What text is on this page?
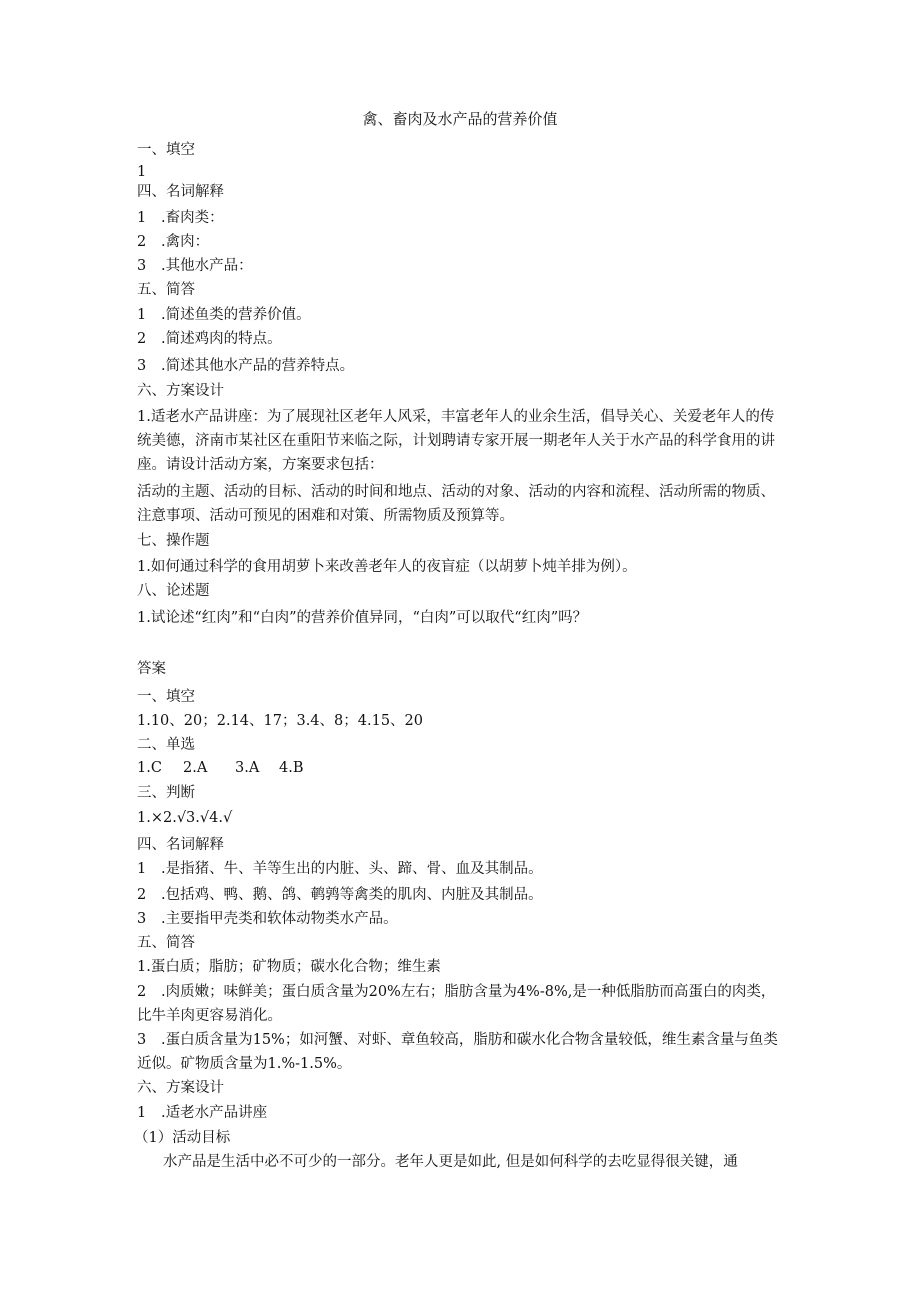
禽、畜肉及水产品的营养价值
一、填空
1
四、名词解释
1 .畜肉类：
2 .禽肉：
3 .其他水产品：
五、简答
1 .简述鱼类的营养价值。
2 .简述鸡肉的特点。
3 .简述其他水产品的营养特点。
六、方案设计
1.适老水产品讲座：为了展现社区老年人风采，丰富老年人的业余生活，倡导关心、关爱老年人的传统美德，济南市某社区在重阳节来临之际，计划聘请专家开展一期老年人关于水产品的科学食用的讲座。请设计活动方案，方案要求包括：
活动的主题、活动的目标、活动的时间和地点、活动的对象、活动的内容和流程、活动所需的物质、注意事项、活动可预见的困难和对策、所需物质及预算等。
七、操作题
1.如何通过科学的食用胡萝卜来改善老年人的夜盲症（以胡萝卜炖羊排为例）。
八、论述题
1.试论述“红肉”和“白肉”的营养价值异同，“白肉”可以取代“红肉”吗？
答案
一、填空
1.10、20；2.14、17；3.4、8；4.15、20
二、单选
1.C 2.A 3.A 4.B
三、判断
1.×2.√3.√4.√
四、名词解释
1 .是指猪、牛、羊等生出的内脏、头、蹄、骨、血及其制品。
2 .包括鸡、鸭、鹅、鸽、鹌鹑等禽类的肌肉、内脏及其制品。
3 .主要指甲壳类和软体动物类水产品。
五、简答
1.蛋白质；脂肪；矿物质；碳水化合物；维生素
2 .肉质嫩；味鲜美；蛋白质含量为20%左右；脂肪含量为4%-8%,是一种低脂肪而高蛋白的肉类，比牛羊肉更容易消化。
3 .蛋白质含量为15%；如河蟹、对虾、章鱼较高，脂肪和碳水化合物含量较低，维生素含量与鱼类近似。矿物质含量为1.%-1.5%。
六、方案设计
1 .适老水产品讲座
（1）活动目标
水产品是生活中必不可少的一部分。老年人更是如此, 但是如何科学的去吃显得很关键，通
